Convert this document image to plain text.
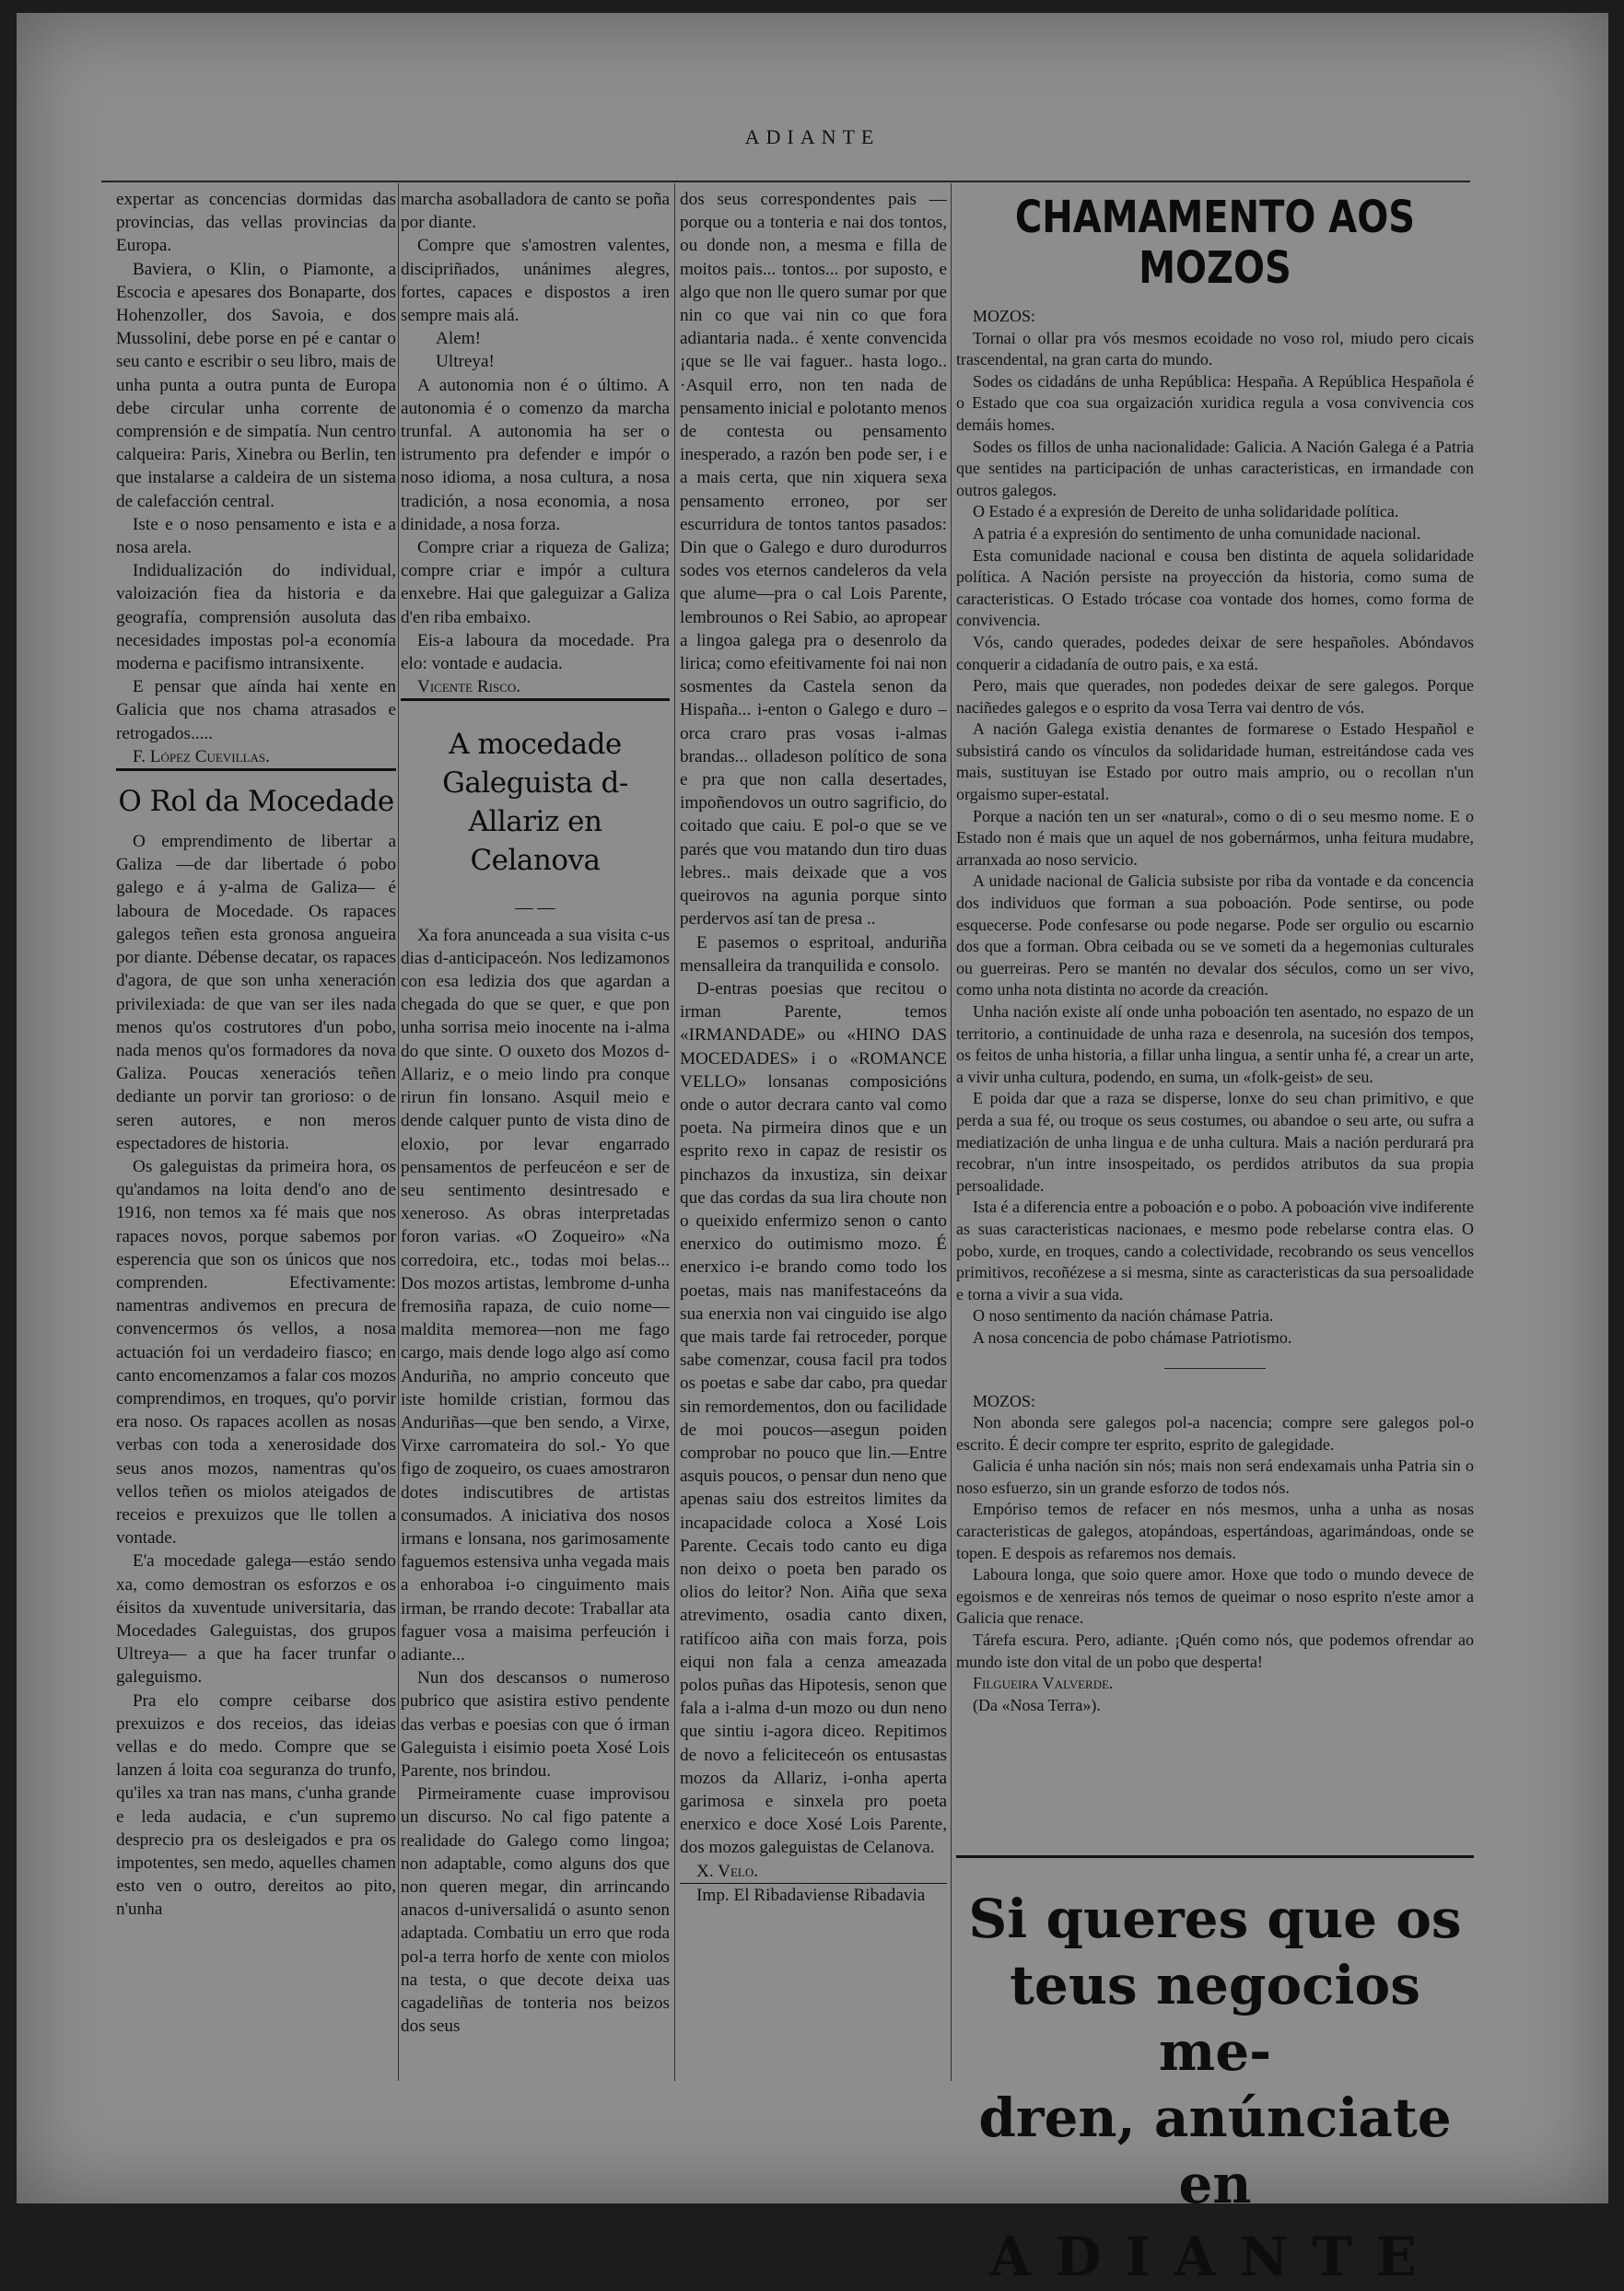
ADIANTE

expertar as concencias dormidas das provincias, das vellas provincias da Europa.

Baviera, o Klin, o Piamonte, a Escocia e apesares dos Bonaparte, dos Hohenzoller, dos Savoia, e dos Mussolini, debe porse en pé e cantar o seu canto e escribir o seu libro, mais de unha punta a outra punta de Europa debe circular unha corrente de comprensión e de simpatía. Nun centro calqueira: Paris, Xinebra ou Berlin, ten que instalarse a caldeira de un sistema de calefacción central.

Iste e o noso pensamento e ista e a nosa arela.

Indidualización do individual, valoización fiea da historia e da geografía, comprensión ausoluta das necesidades impostas pol-a economía moderna e pacifismo intransixente.

E pensar que aínda hai xente en Galicia que nos chama atrasados e retrogados.....

F. López Cuevillas.

O Rol da Mocedade

O emprendimento de libertar a Galiza —de dar libertade ó pobo galego e á y-alma de Galiza— é laboura de Mocedade. Os rapaces galegos teñen esta gronosa angueira por diante. Débense decatar, os rapaces d'agora, de que son unha xeneración privilexiada: de que van ser iles nada menos qu'os costrutores d'un pobo, nada menos qu'os formadores da nova Galiza. Poucas xeneraciós teñen dediante un porvir tan grorioso: o de seren autores, e non meros espectadores de historia.

Os galeguistas da primeira hora, os qu'andamos na loita dend'o ano de 1916, non temos xa fé mais que nos rapaces novos, porque sabemos por esperencia que son os únicos que nos comprenden. Efectivamente: namentras andivemos en precura de convencermos ós vellos, a nosa actuación foi un verdadeiro fiasco; en canto encomenzamos a falar cos mozos comprendimos, en troques, qu'o porvir era noso. Os rapaces acollen as nosas verbas con toda a xenerosidade dos seus anos mozos, namentras qu'os vellos teñen os miolos ateigados de receios e prexuizos que lle tollen a vontade.

E'a mocedade galega—estáo sendo xa, como demostran os esforzos e os éisitos da xuventude universitaria, das Mocedades Galeguistas, dos grupos Ultreya— a que ha facer trunfar o galeguismo.

Pra elo compre ceibarse dos prexuizos e dos receios, das ideias vellas e do medo. Compre que se lanzen á loita coa seguranza do trunfo, qu'iles xa tran nas mans, c'unha grande e leda audacia, e c'un supremo desprecio pra os desleigados e pra os impotentes, sen medo, aquelles chamen esto ven o outro, dereitos ao pito, n'unha

marcha asoballadora de canto se poña por diante.

Compre que s'amostren valentes, discipriñados, unánimes alegres, fortes, capaces e dispostos a iren sempre mais alá.

Alem!

Ultreya!

A autonomia non é o último. A autonomia é o comenzo da marcha trunfal. A autonomia ha ser o istrumento pra defender e impór o noso idioma, a nosa cultura, a nosa tradición, a nosa economia, a nosa dinidade, a nosa forza.

Compre criar a riqueza de Galiza; compre criar e impór a cultura enxebre. Hai que galeguizar a Galiza d'en riba embaixo.

Eis-a laboura da mocedade. Pra elo: vontade e audacia.

Vicente Risco.

A mocedade Galeguista d-Allariz en Celanova
— —

Xa fora anunceada a sua visita c-us dias d-anticipaceón. Nos ledizamonos con esa ledizia dos que agardan a chegada do que se quer, e que pon unha sorrisa meio inocente na i-alma do que sinte. O ouxeto dos Mozos d-Allariz, e o meio lindo pra conque rirun fin lonsano. Asquil meio e dende calquer punto de vista dino de eloxio, por levar engarrado pensamentos de perfeucéon e ser de seu sentimento desintresado e xeneroso. As obras interpretadas foron varias. «O Zoqueiro» «Na corredoira, etc., todas moi belas... Dos mozos artistas, lembrome d-unha fremosiña rapaza, de cuio nome—maldita memorea—non me fago cargo, mais dende logo algo así como Anduriña, no amprio conceuto que iste homilde cristian, formou das Anduriñas—que ben sendo, a Virxe, Virxe carromateira do sol.- Yo que figo de zoqueiro, os cuaes amostraron dotes indiscutibres de artistas consumados. A iniciativa dos nosos irmans e lonsana, nos garimosamente faguemos estensiva unha vegada mais a enhoraboa i-o cinguimento mais irman, be rrando decote: Traballar ata faguer vosa a maisima perfeución i adiante...

Nun dos descansos o numeroso pubrico que asistira estivo pendente das verbas e poesias con que ó irman Galeguista i eisimio poeta Xosé Lois Parente, nos brindou.

Pirmeiramente cuase improvisou un discurso. No cal figo patente a realidade do Galego como lingoa; non adaptable, como alguns dos que non queren megar, din arrincando anacos d-universalidá o asunto senon adaptada. Combatiu un erro que roda pol-a terra horfo de xente con miolos na testa, o que decote deixa uas cagadeliñas de tonteria nos beizos dos seus

dos seus correspondentes pais —porque ou a tonteria e nai dos tontos, ou donde non, a mesma e filla de moitos pais... tontos... por suposto, e algo que non lle quero sumar por que nin co que vai nin co que fora adiantaria nada.. é xente convencida ¡que se lle vai faguer.. hasta logo.. ·Asquil erro, non ten nada de pensamento inicial e polotanto menos de contesta ou pensamento inesperado, a razón ben pode ser, i e a mais certa, que nin xiquera sexa pensamento erroneo, por ser escurridura de tontos tantos pasados: Din que o Galego e duro durodurros sodes vos eternos candeleros da vela que alume—pra o cal Lois Parente, lembrounos o Rei Sabio, ao apropear a lingoa galega pra o desenrolo da lirica; como efeitivamente foi nai non sosmentes da Castela senon da Hispaña... i-enton o Galego e duro – orca craro pras vosas i-almas brandas... olladeson político de sona e pra que non calla desertades, impoñendovos un outro sagrificio, do coitado que caiu. E pol-o que se ve parés que vou matando dun tiro duas lebres.. mais deixade que a vos queirovos na agunia porque sinto perdervos así tan de presa ..

E pasemos o espritoal, anduriña mensalleira da tranquilida e consolo.

D-entras poesias que recitou o irman Parente, temos «IRMANDADE» ou «HINO DAS MOCEDADES» i o «ROMANCE VELLO» lonsanas composicións onde o autor decrara canto val como poeta. Na pirmeira dinos que e un esprito rexo in capaz de resistir os pinchazos da inxustiza, sin deixar que das cordas da sua lira choute non o queixido enfermizo senon o canto enerxico do outimismo mozo. É enerxico i-e brando como todo los poetas, mais nas manifestaceóns da sua enerxia non vai cinguido ise algo que mais tarde fai retroceder, porque sabe comenzar, cousa facil pra todos os poetas e sabe dar cabo, pra quedar sin remordementos, don ou facilidade de moi poucos—asegun poiden comprobar no pouco que lin.—Entre asquis poucos, o pensar dun neno que apenas saiu dos estreitos limites da incapacidade coloca a Xosé Lois Parente. Cecais todo canto eu diga non deixo o poeta ben parado os olios do leitor? Non. Aiña que sexa atrevimento, osadia canto dixen, ratifícoo aiña con mais forza, pois eiqui non fala a cenza ameazada polos puñas das Hipotesis, senon que fala a i-alma d-un mozo ou dun neno que sintiu i-agora diceo. Repitimos de novo a feliciteceón os entusastas mozos da Allariz, i-onha aperta garimosa e sinxela pro poeta enerxico e doce Xosé Lois Parente, dos mozos galeguistas de Celanova.

X. Velo.

Imp. El Ribadaviense Ribadavia

CHAMAMENTO AOS MOZOS

MOZOS:

Tornai o ollar pra vós mesmos ecoidade no voso rol, miudo pero cicais trascendental, na gran carta do mundo.

Sodes os cidadáns de unha República: Hespaña. A República Hespañola é o Estado que coa sua orgaización xuridica regula a vosa convivencia cos demáis homes.

Sodes os fillos de unha nacionalidade: Galicia. A Nación Galega é a Patria que sentides na participación de unhas caracteristicas, en irmandade con outros galegos.

O Estado é a expresión de Dereito de unha solidaridade política.

A patria é a expresión do sentimento de unha comunidade nacional.

Esta comunidade nacional e cousa ben distinta de aquela solidaridade política. A Nación persiste na proyección da historia, como suma de caracteristicas. O Estado trócase coa vontade dos homes, como forma de convivencia.

Vós, cando querades, podedes deixar de sere hespañoles. Abóndavos conquerir a cidadanía de outro pais, e xa está.

Pero, mais que querades, non podedes deixar de sere galegos. Porque naciñedes galegos e o esprito da vosa Terra vai dentro de vós.

A nación Galega existia denantes de formarese o Estado Hespañol e subsistirá cando os vínculos da solidaridade human, estreitándose cada ves mais, sustituyan ise Estado por outro mais amprio, ou o recollan n'un orgaismo super-estatal.

Porque a nación ten un ser «natural», como o di o seu mesmo nome. E o Estado non é mais que un aquel de nos gobernármos, unha feitura mudabre, arranxada ao noso servicio.

A unidade nacional de Galicia subsiste por riba da vontade e da concencia dos individuos que forman a sua poboación. Pode sentirse, ou pode esquecerse. Pode confesarse ou pode negarse. Pode ser orgulio ou escarnio dos que a forman. Obra ceibada ou se ve someti da a hegemonias culturales ou guerreiras. Pero se mantén no devalar dos séculos, como un ser vivo, como unha nota distinta no acorde da creación.

Unha nación existe alí onde unha poboación ten asentado, no espazo de un territorio, a continuidade de unha raza e desenrola, na sucesión dos tempos, os feitos de unha historia, a fillar unha lingua, a sentir unha fé, a crear un arte, a vivir unha cultura, podendo, en suma, un «folk-geist» de seu.

E poida dar que a raza se disperse, lonxe do seu chan primitivo, e que perda a sua fé, ou troque os seus costumes, ou abandoe o seu arte, ou sufra a mediatización de unha lingua e de unha cultura. Mais a nación perdurará pra recobrar, n'un intre insospeitado, os perdidos atributos da sua propia persoalidade.

Ista é a diferencia entre a poboación e o pobo. A poboación vive indiferente as suas caracteristicas nacionaes, e mesmo pode rebelarse contra elas. O pobo, xurde, en troques, cando a colectividade, recobrando os seus vencellos primitivos, recoñézese a si mesma, sinte as caracteristicas da sua persoalidade e torna a vivir a sua vida.

O noso sentimento da nación chámase Patria.

A nosa concencia de pobo chámase Patriotismo.

MOZOS:

Non abonda sere galegos pol-a nacencia; compre sere galegos pol-o escrito. É decir compre ter esprito, esprito de galegidade.

Galicia é unha nación sin nós; mais non será endexamais unha Patria sin o noso esfuerzo, sin un grande esforzo de todos nós.

Empóriso temos de refacer en nós mesmos, unha a unha as nosas caracteristicas de galegos, atopándoas, espertándoas, agarimándoas, onde se topen. E despois as refaremos nos demais.

Laboura longa, que soio quere amor. Hoxe que todo o mundo devece de egoismos e de xenreiras nós temos de queimar o noso esprito n'este amor a Galicia que renace.

Tárefa escura. Pero, adiante. ¡Quén como nós, que podemos ofrendar ao mundo iste don vital de un pobo que desperta!

Filgueira Valverde.

(Da «Nosa Terra»).

Si queres que os
teus negocios me-
dren, anúnciate en
ADIANTE
